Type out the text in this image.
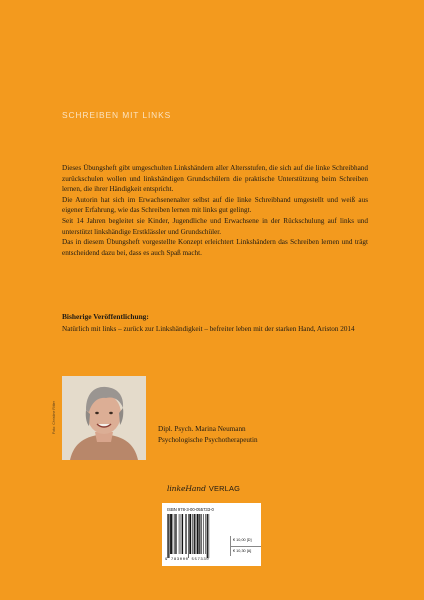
SCHREIBEN MIT LINKS

Dieses Übungsheft gibt umgeschulten Linkshändern aller Altersstufen, die sich auf die linke Schreibhand zurückschulen wollen und linkshändigen Grundschülern die praktische Unterstützung beim Schreiben lernen, die ihrer Händigkeit entspricht.

Die Autorin hat sich im Erwachsenenalter selbst auf die linke Schreibhand umgestellt und weiß aus eigener Erfahrung, wie das Schreiben lernen mit links gut gelingt.

Seit 14 Jahren begleitet sie Kinder, Jugendliche und Erwachsene in der Rückschulung auf links und unterstützt linkshändige Erstklässler und Grundschüler.

Das in diesem Übungsheft vorgestellte Konzept erleichtert Linkshändern das Schreiben lernen und trägt entscheidend dazu bei, dass es auch Spaß macht.

Bisherige Veröffentlichung:
Natürlich mit links – zurück zur Linkshändigkeit – befreiter leben mit der starken Hand, Ariston 2014
Foto: Christine Ritter	Dipl. Psych. Marina Neumann
Psychologische Psychotherapeutin
linkeHand VERLAG
ISBN 978-3-00-055733-0
9 783000 557330
€ 10,00 [D]
€ 10,30 [A]
